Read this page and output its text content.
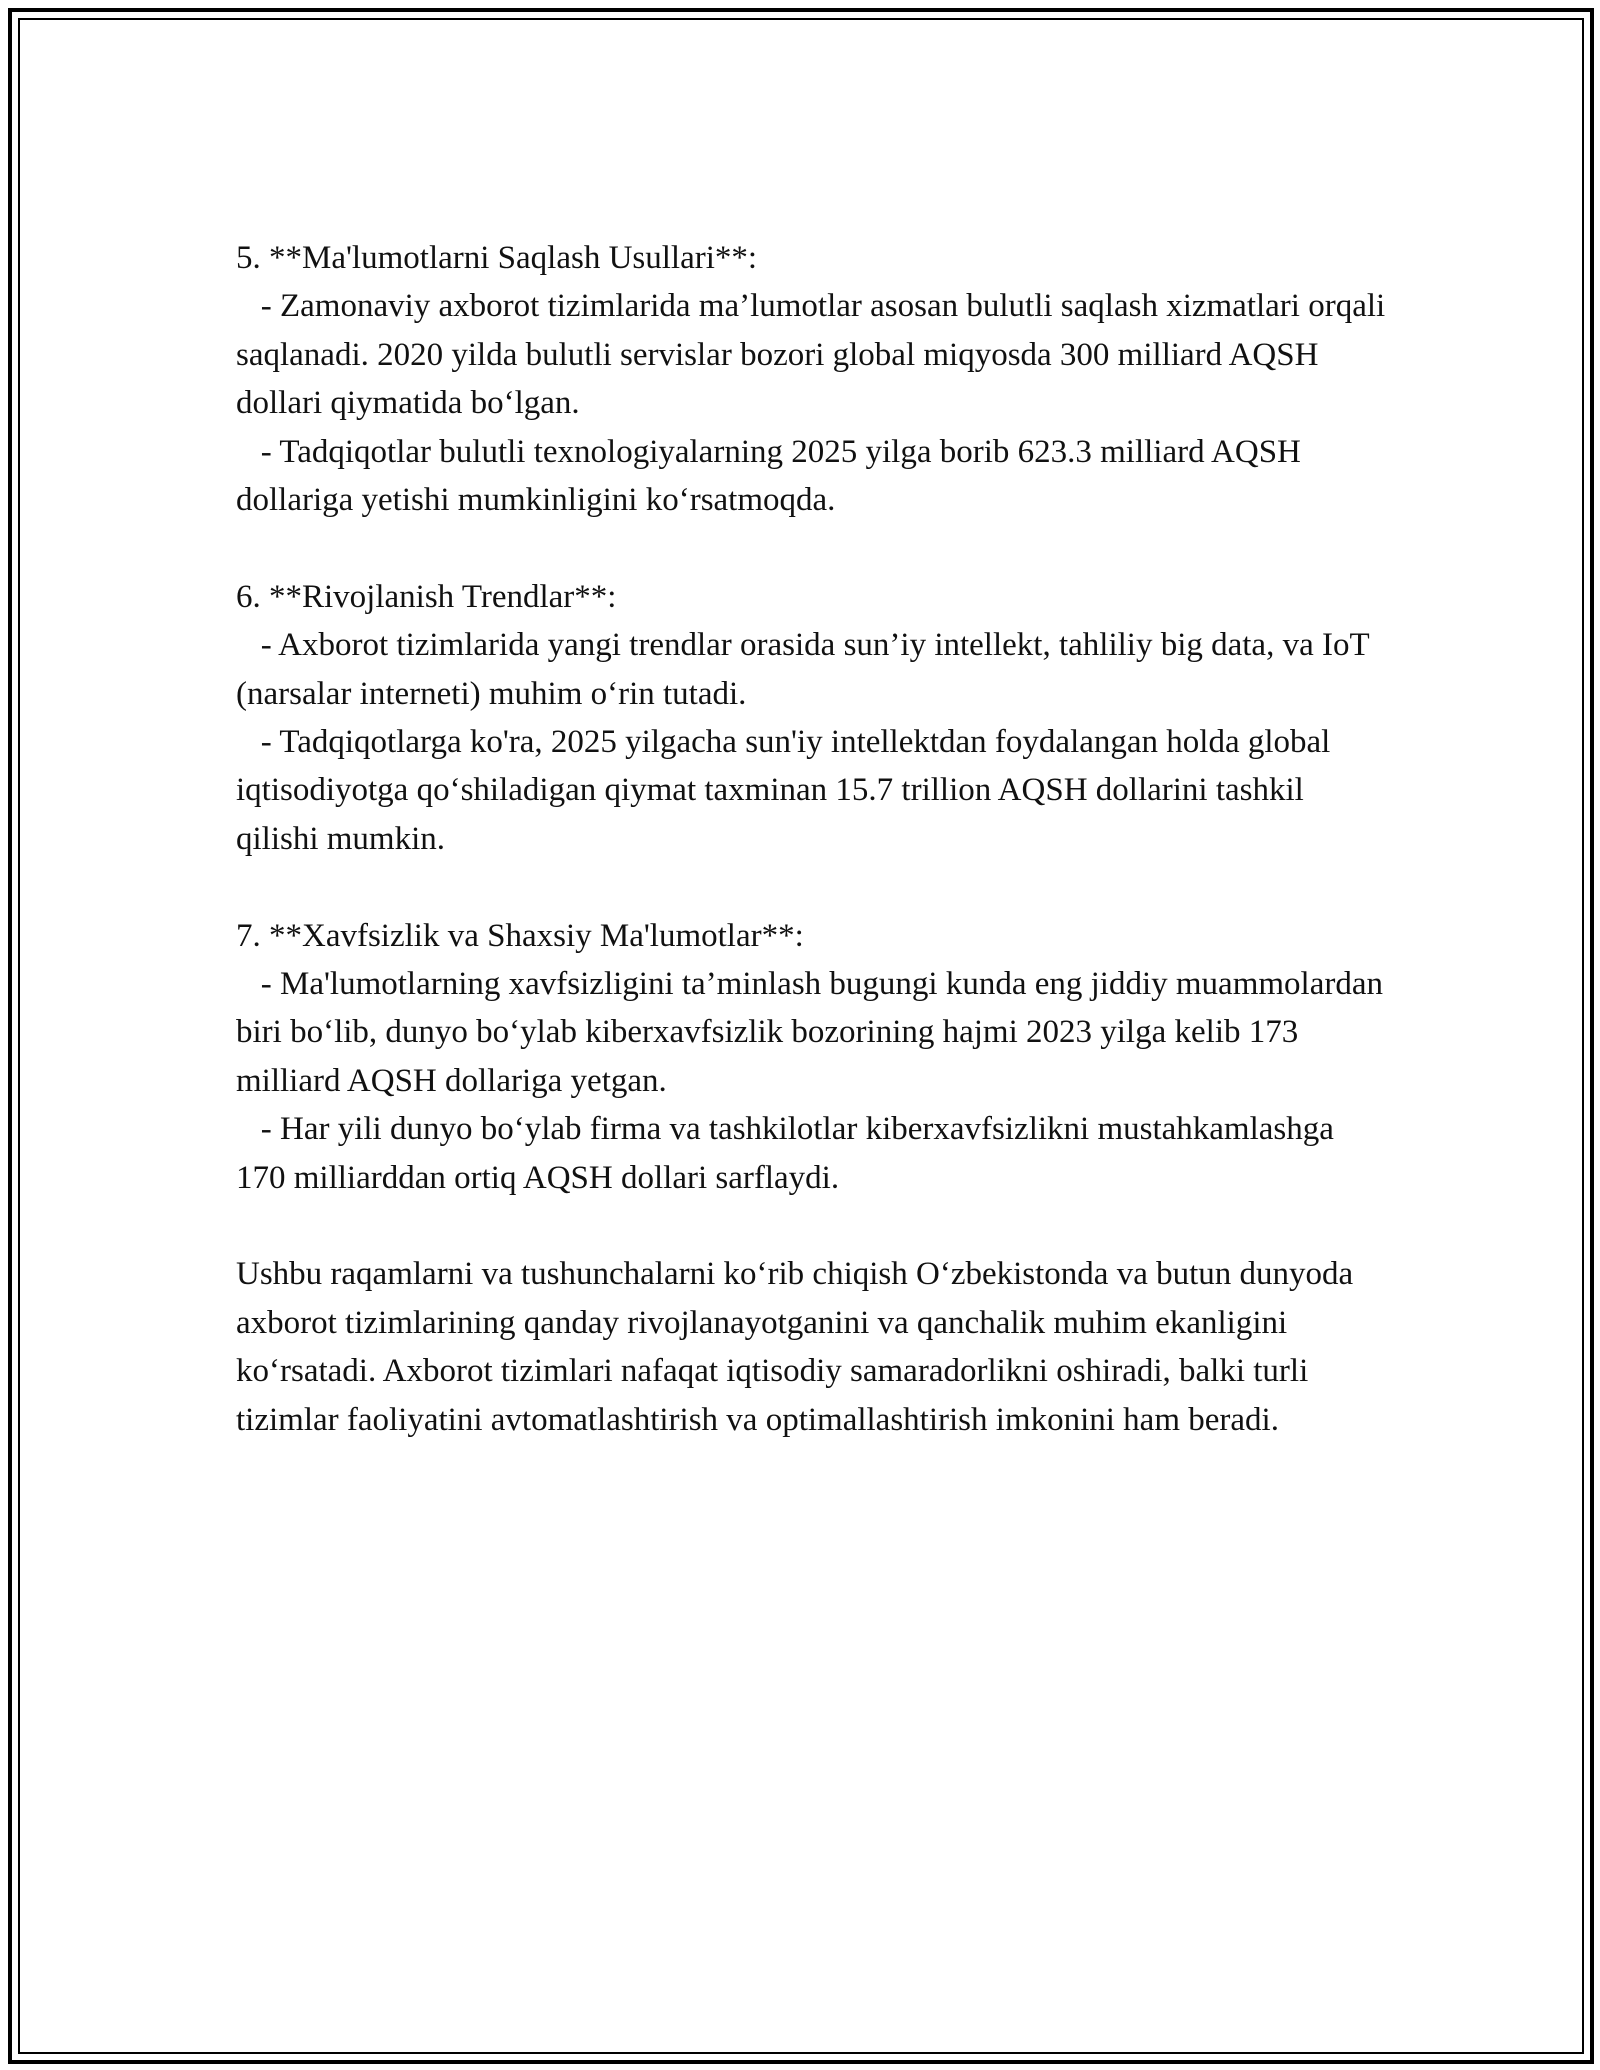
5. **Ma'lumotlarni Saqlash Usullari**:

- Zamonaviy axborot tizimlarida ma’lumotlar asosan bulutli saqlash xizmatlari orqali saqlanadi. 2020 yilda bulutli servislar bozori global miqyosda 300 milliard AQSH dollari qiymatida bo‘lgan.

- Tadqiqotlar bulutli texnologiyalarning 2025 yilga borib 623.3 milliard AQSH dollariga yetishi mumkinligini ko‘rsatmoqda.

6. **Rivojlanish Trendlar**:

- Axborot tizimlarida yangi trendlar orasida sun’iy intellekt, tahliliy big data, va IoT (narsalar interneti) muhim o‘rin tutadi.

- Tadqiqotlarga ko'ra, 2025 yilgacha sun'iy intellektdan foydalangan holda global iqtisodiyotga qo‘shiladigan qiymat taxminan 15.7 trillion AQSH dollarini tashkil qilishi mumkin.

7. **Xavfsizlik va Shaxsiy Ma'lumotlar**:

- Ma'lumotlarning xavfsizligini ta’minlash bugungi kunda eng jiddiy muammolardan biri bo‘lib, dunyo bo‘ylab kiberxavfsizlik bozorining hajmi 2023 yilga kelib 173 milliard AQSH dollariga yetgan.

- Har yili dunyo bo‘ylab firma va tashkilotlar kiberxavfsizlikni mustahkamlashga 170 milliarddan ortiq AQSH dollari sarflaydi.

Ushbu raqamlarni va tushunchalarni ko‘rib chiqish O‘zbekistonda va butun dunyoda axborot tizimlarining qanday rivojlanayotganini va qanchalik muhim ekanligini ko‘rsatadi. Axborot tizimlari nafaqat iqtisodiy samaradorlikni oshiradi, balki turli tizimlar faoliyatini avtomatlashtirish va optimallashtirish imkonini ham beradi.
